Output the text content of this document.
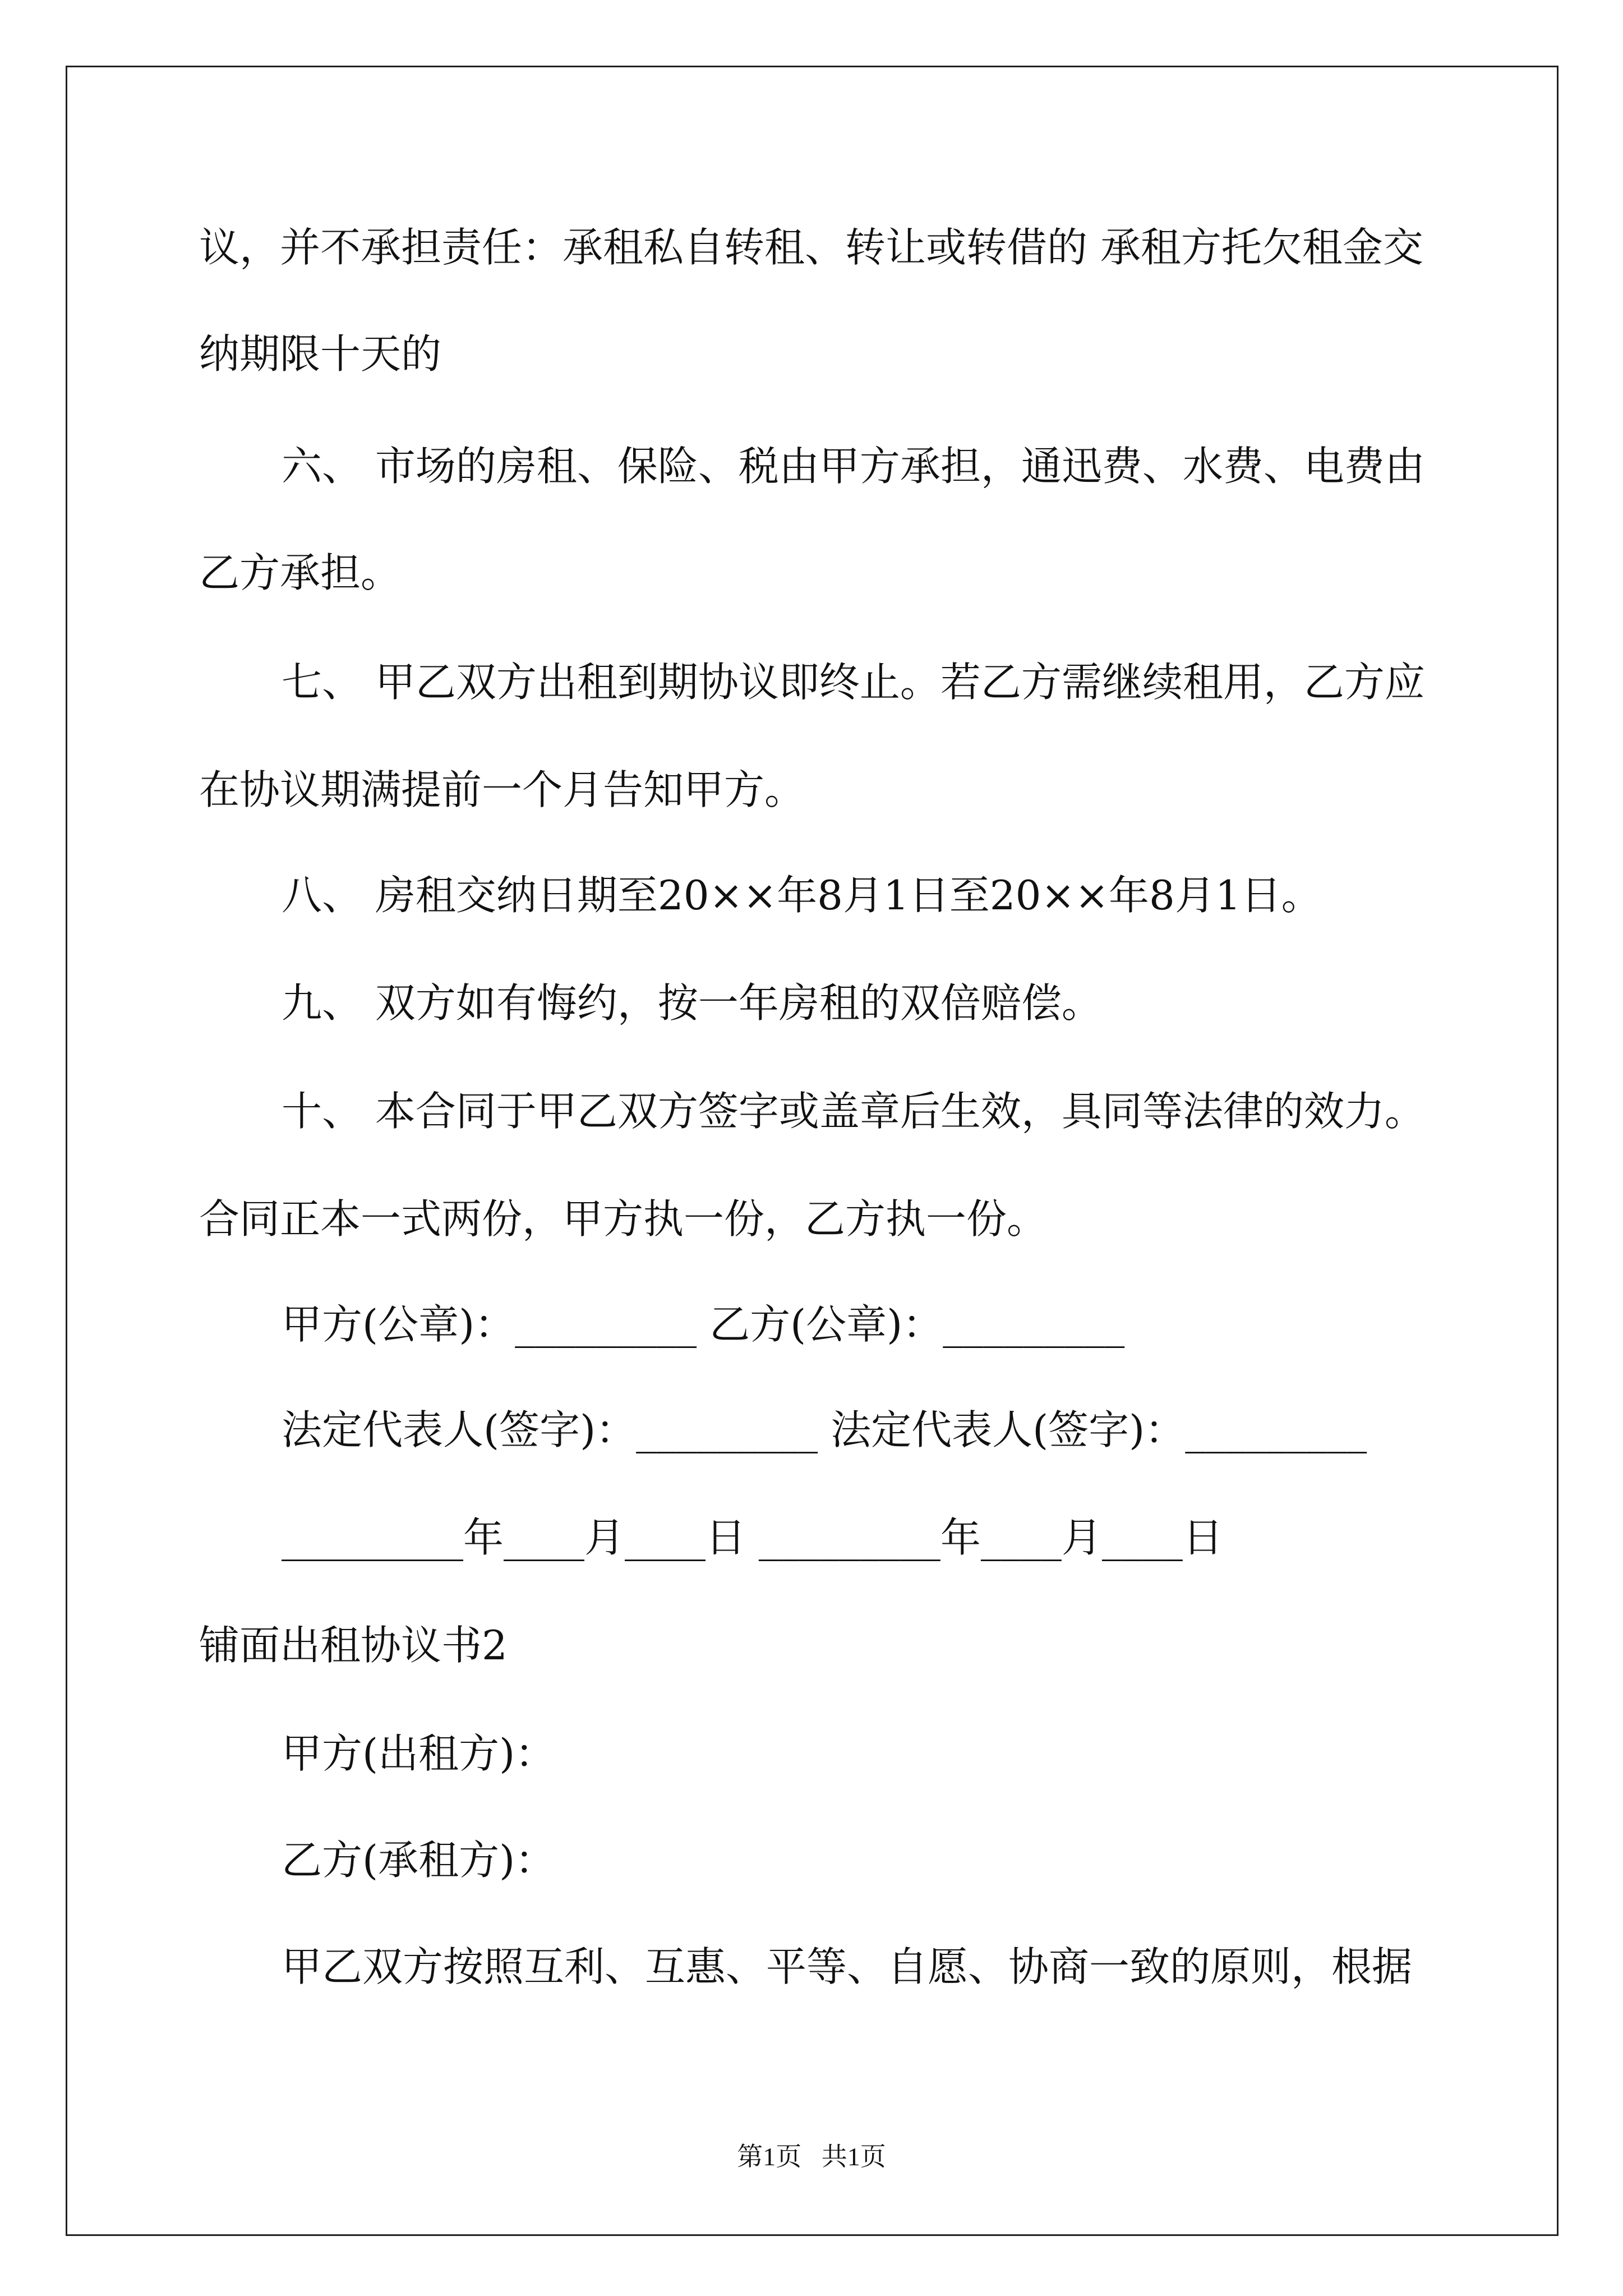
议，并不承担责任：承租私自转租、转让或转借的 承租方托欠租金交
纳期限十天的
六、 市场的房租、保险、税由甲方承担，通迅费、水费、电费由
乙方承担。
七、 甲乙双方出租到期协议即终止。若乙方需继续租用，乙方应
在协议期满提前一个月告知甲方。
八、 房租交纳日期至20××年8月1日至20××年8月1日。
九、 双方如有悔约，按一年房租的双倍赔偿。
十、 本合同于甲乙双方签字或盖章后生效，具同等法律的效力。
合同正本一式两份，甲方执一份，乙方执一份。
甲方(公章)：_________ 乙方(公章)：_________
法定代表人(签字)：_________ 法定代表人(签字)：_________
_________年____月____日 _________年____月____日
铺面出租协议书2
甲方(出租方)：
乙方(承租方)：
甲乙双方按照互利、互惠、平等、自愿、协商一致的原则，根据
第1页 共1页
